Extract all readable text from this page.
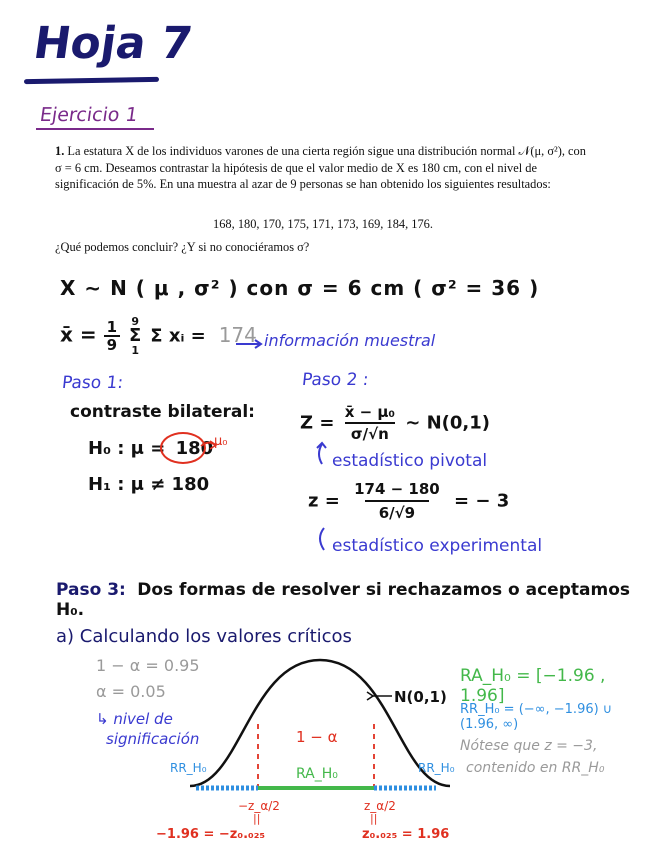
Hoja 7
Ejercicio 1
1. La estatura X de los individuos varones de una cierta región sigue una distribución normal 𝒩(μ, σ²), con σ = 6 cm. Deseamos contrastar la hipótesis de que el valor medio de X es 180 cm, con el nivel de significación de 5%. En una muestra al azar de 9 personas se han obtenido los siguientes resultados:
168, 180, 170, 175, 171, 173, 169, 184, 176.
¿Qué podemos concluir? ¿Y si no conociéramos σ?
X ∼ N ( μ , σ² ) con σ = 6 cm ( σ² = 36 )
x̄ = $\frac{1}{9} 9$
Σ
1 Σ xᵢ = 174 información muestral
Paso 1:
contraste bilateral:
H₀ : μ = 180 μ₀
H₁ : μ ≠ 180
Paso 2 :
$Z = \frac{\text{x̄ − μ₀}}{\sigma/√n}$ ∼ N(0,1)
estadístico pivotal
$z = \frac{174 - 180}{6/√9}$ = − 3
estadístico experimental
Paso 3: Dos formas de resolver si rechazamos o aceptamos H₀.
a) Calculando los valores críticos
1 − α = 0.95
α = 0.05
↳ nivel de
significación
N(0,1)
1 − α
RA_H₀
RR_H₀	RR_H₀
−z_α/2
||
−1.96 = −z₀.₀₂₅
z_α/2
||
z₀.₀₂₅ = 1.96
RA_H₀ = [−1.96 , 1.96]
RR_H₀ = (−∞, −1.96) ∪ (1.96, ∞)
Nótese que z = −3,
contenido en RR_H₀
